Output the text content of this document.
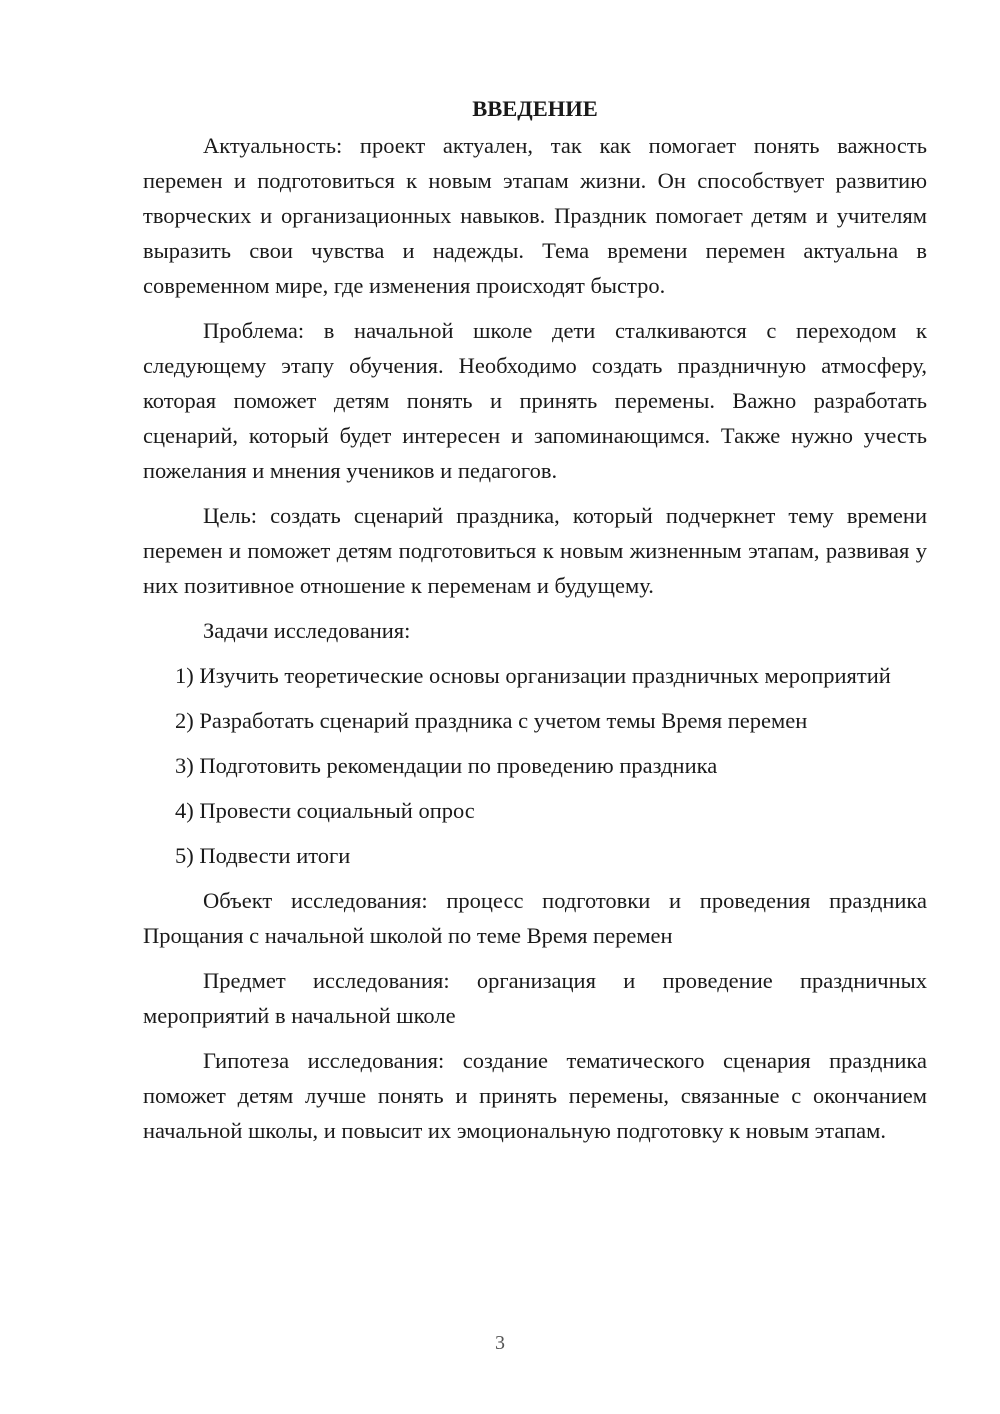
ВВЕДЕНИЕ

Актуальность: проект актуален, так как помогает понять важность перемен и подготовиться к новым этапам жизни. Он способствует развитию творческих и организационных навыков. Праздник помогает детям и учителям выразить свои чувства и надежды. Тема времени перемен актуальна в современном мире, где изменения происходят быстро.

Проблема: в начальной школе дети сталкиваются с переходом к следующему этапу обучения. Необходимо создать праздничную атмосферу, которая поможет детям понять и принять перемены. Важно разработать сценарий, который будет интересен и запоминающимся. Также нужно учесть пожелания и мнения учеников и педагогов.

Цель: создать сценарий праздника, который подчеркнет тему времени перемен и поможет детям подготовиться к новым жизненным этапам, развивая у них позитивное отношение к переменам и будущему.

Задачи исследования:

1) Изучить теоретические основы организации праздничных мероприятий

2) Разработать сценарий праздника с учетом темы Время перемен

3) Подготовить рекомендации по проведению праздника

4) Провести социальный опрос

5) Подвести итоги

Объект исследования: процесс подготовки и проведения праздника Прощания с начальной школой по теме Время перемен

Предмет исследования: организация и проведение праздничных мероприятий в начальной школе

Гипотеза исследования: создание тематического сценария праздника поможет детям лучше понять и принять перемены, связанные с окончанием начальной школы, и повысит их эмоциональную подготовку к новым этапам.

3
